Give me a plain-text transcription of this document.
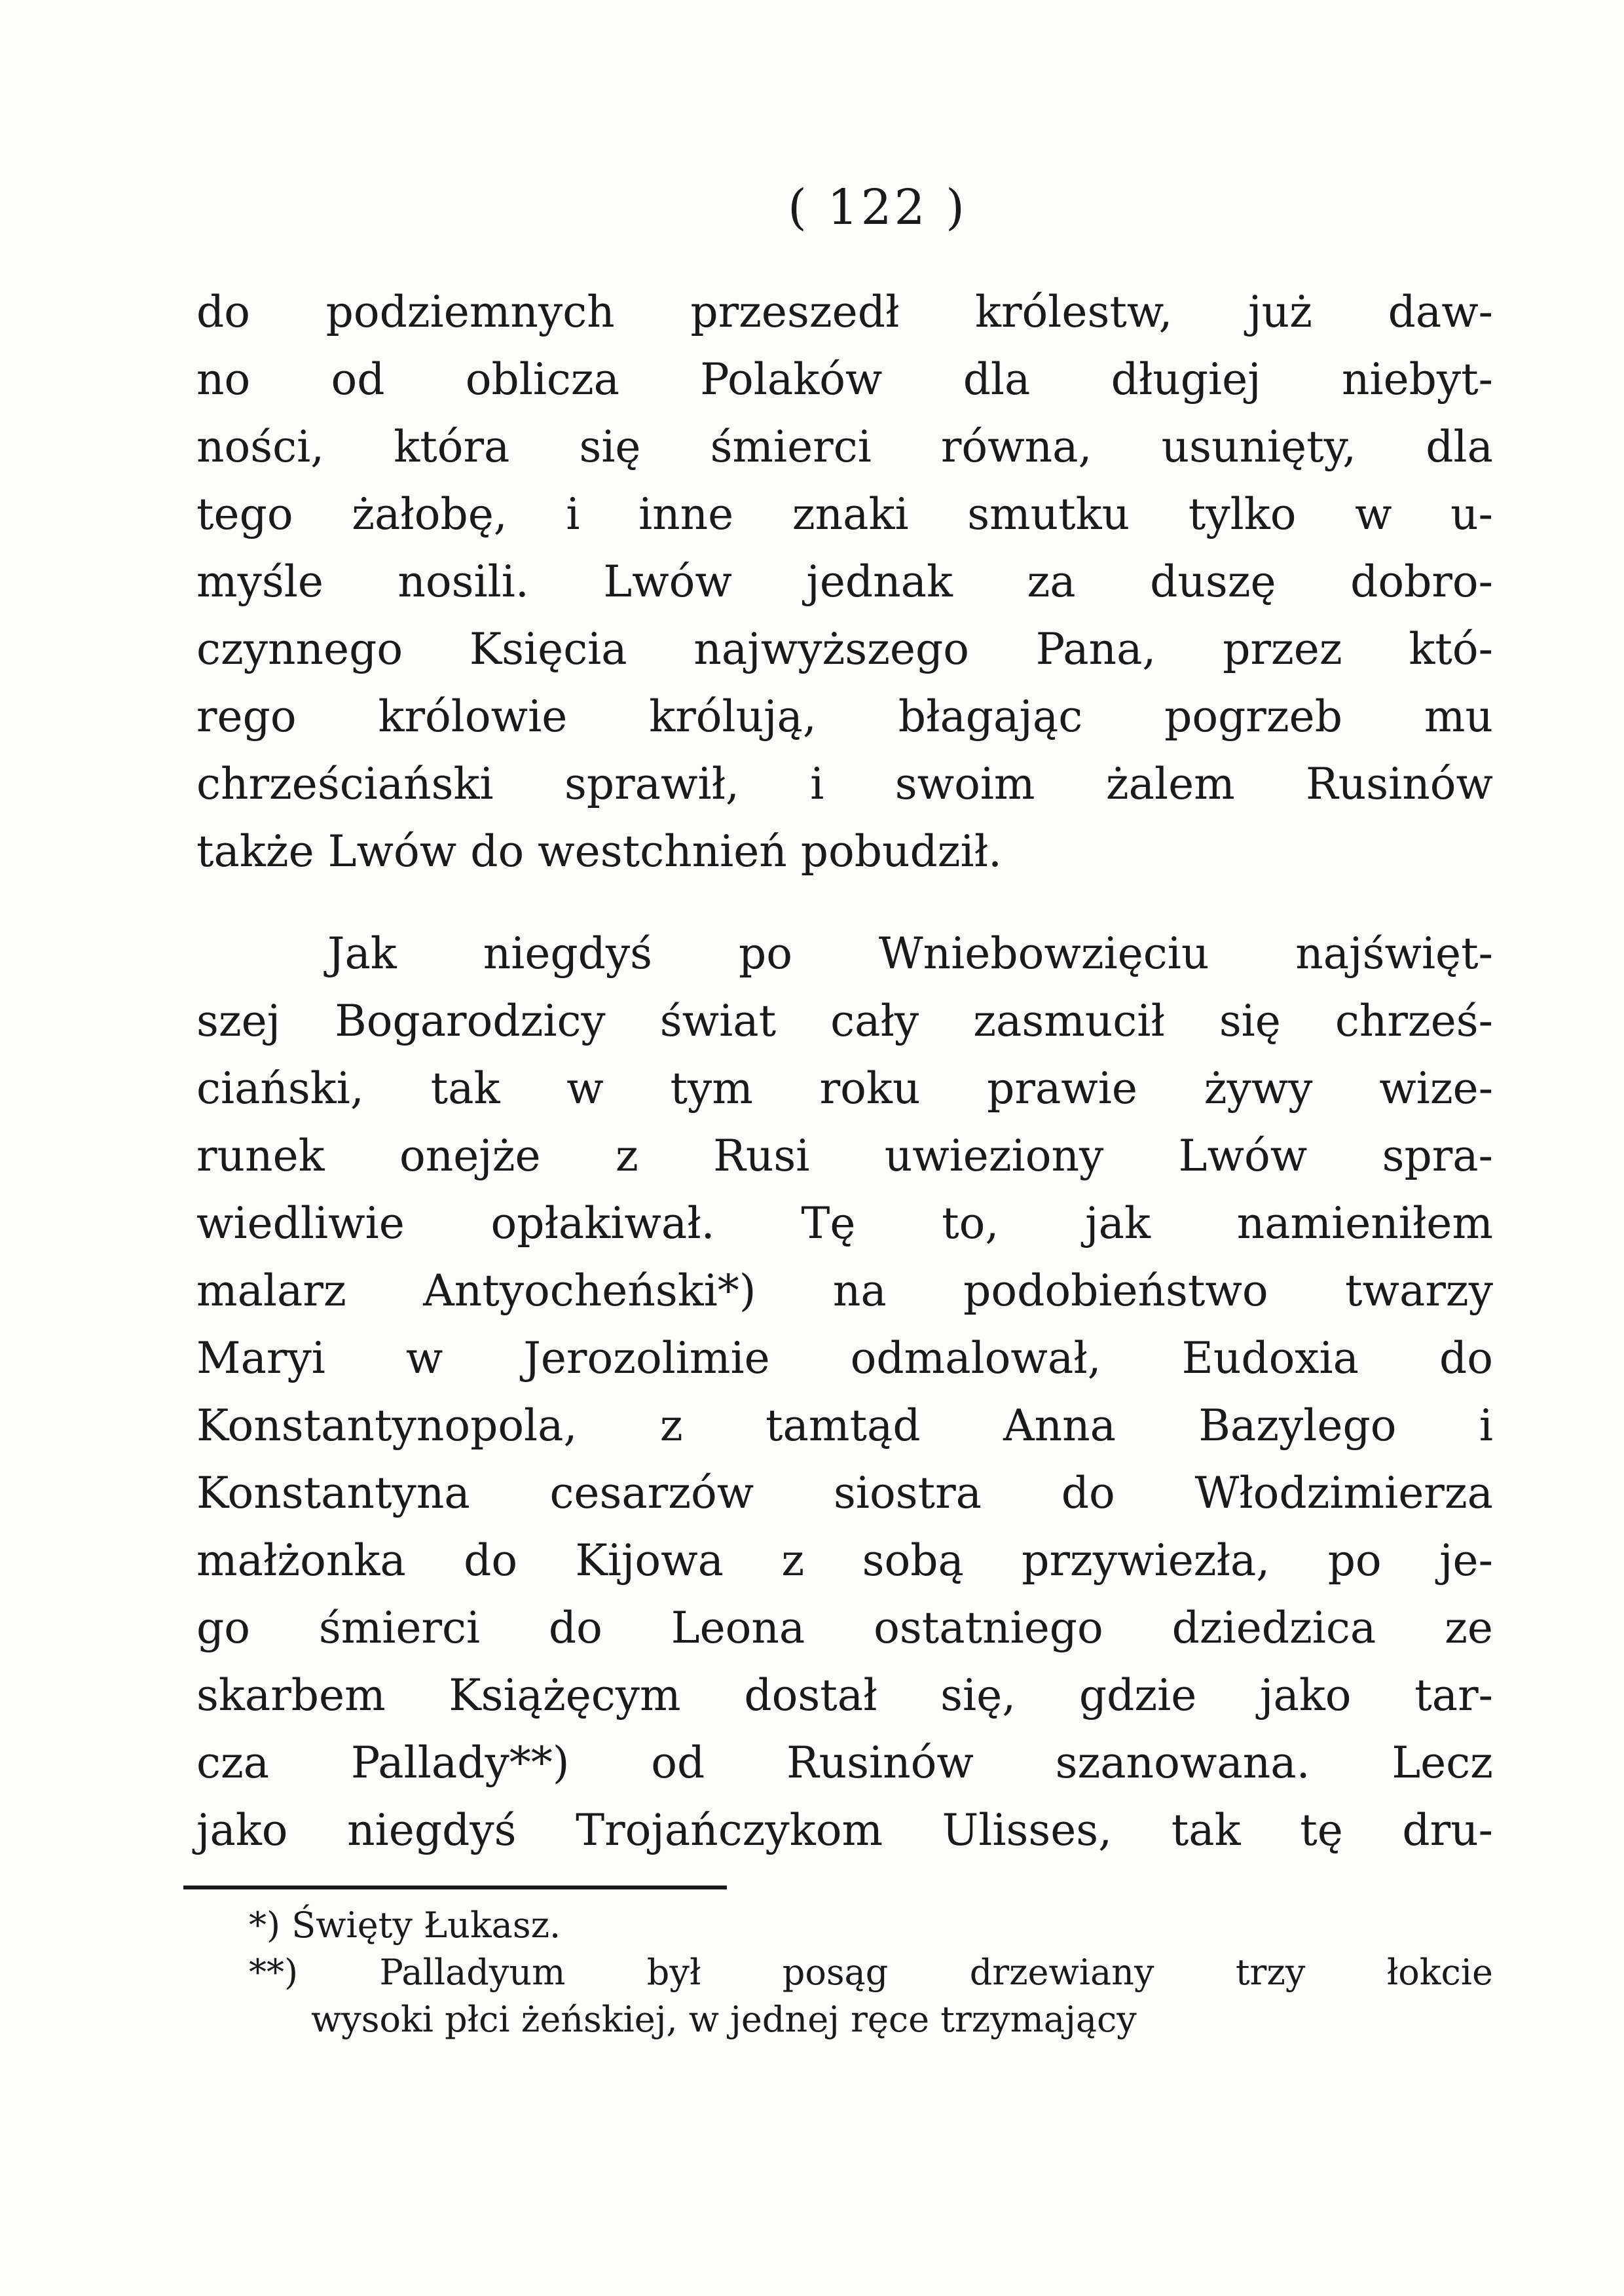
( 122 )
do podziemnych przeszedł królestw, już daw-
no od oblicza Polaków dla długiej niebyt-
ności, która się śmierci równa, usunięty, dla
tego żałobę, i inne znaki smutku tylko w u-
myśle nosili. Lwów jednak za duszę dobro-
czynnego Księcia najwyższego Pana, przez któ-
rego królowie królują, błagając pogrzeb mu
chrześciański sprawił, i swoim żalem Rusinów
także Lwów do westchnień pobudził.
Jak niegdyś po Wniebowzięciu najświęt-
szej Bogarodzicy świat cały zasmucił się chrześ-
ciański, tak w tym roku prawie żywy wize-
runek onejże z Rusi uwieziony Lwów spra-
wiedliwie opłakiwał. Tę to, jak namieniłem
malarz Antyocheński*) na podobieństwo twarzy
Maryi w Jerozolimie odmalował, Eudoxia do
Konstantynopola, z tamtąd Anna Bazylego i
Konstantyna cesarzów siostra do Włodzimierza
małżonka do Kijowa z sobą przywiezła, po je-
go śmierci do Leona ostatniego dziedzica ze
skarbem Książęcym dostał się, gdzie jako tar-
cza Pallady**) od Rusinów szanowana. Lecz
jako niegdyś Trojańczykom Ulisses, tak tę dru-
*) Święty Łukasz.
**) Palladyum był posąg drzewiany trzy łokcie
wysoki płci żeńskiej, w jednej ręce trzymający
